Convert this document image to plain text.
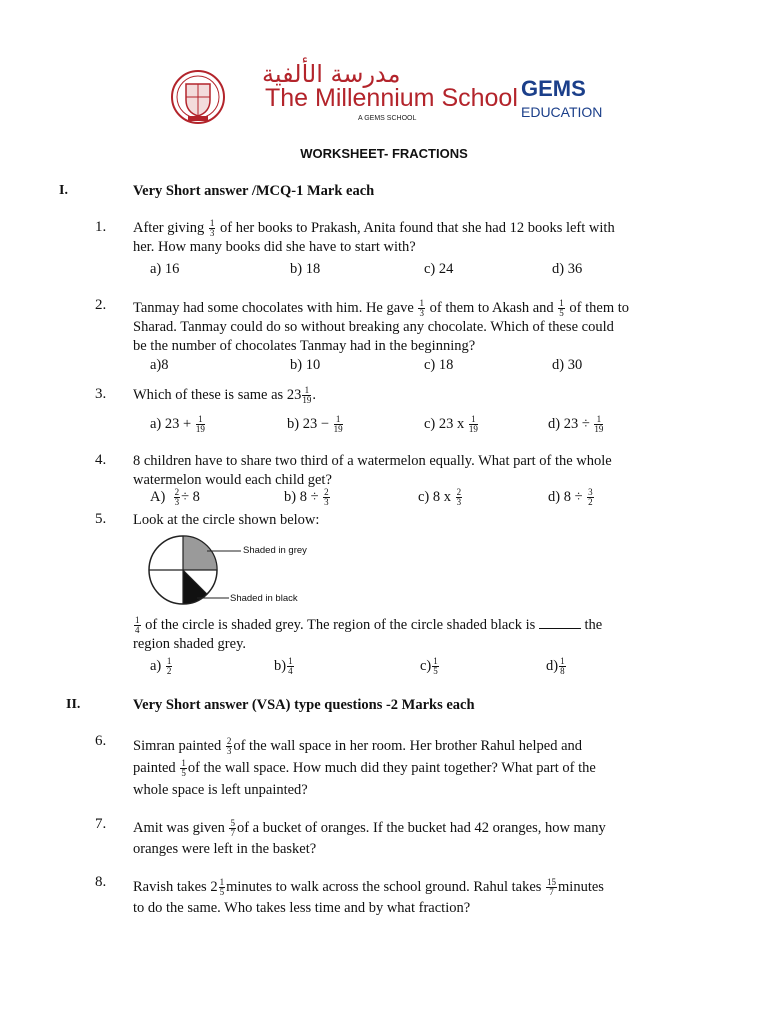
مدرسة الألفية
The Millennium School
A GEMS SCHOOL
GEMS
EDUCATION
WORKSHEET- FRACTIONS
I.	Very Short answer /MCQ-1 Mark each
1. After giving $\frac{1}{3}$ of her books to Prakash, Anita found that she had 12 books left with
her. How many books did she have to start with?
a) 16	b) 18	c) 24	d) 36
2. Tanmay had some chocolates with him. He gave $\frac{1}{3}$ of them to Akash and $\frac{1}{5}$ of them to
Sharad. Tanmay could do so without breaking any chocolate. Which of these could
be the number of chocolates Tanmay had in the beginning?
a)8	b) 10	c) 18	d) 30
3. Which of these is same as $23 \frac{1}{19}$ .
a) $23 + \frac{1}{19}$	b) $23 - \frac{1}{19}$	c) 23 x $\frac{1}{19}$	d) $23 \div \frac{1}{19}$
4. 8 children have to share two third of a watermelon equally. What part of the whole
watermelon would each child get?
$A) \frac{2}{3} \div 8$	b) $8 \div \frac{2}{3}$	c) 8 x $\frac{2}{3}$	d) $8 \div \frac{3}{2}$
5. Look at the circle shown below:
Shaded in grey
Shaded in black
$\frac{1}{4}$ of the circle is shaded grey. The region of the circle shaded black is	the
region shaded grey.
$a) \frac{1}{2}$	$b) \frac{1}{4}$	$c) \frac{1}{5}$	$d) \frac{1}{8}$
II.	Very Short answer (VSA) type questions -2 Marks each
6. Simran painted $\frac{2}{3}$ of the wall space in her room. Her brother Rahul helped and
painted $\frac{1}{5}$ of the wall space. How much did they paint together? What part of the
whole space is left unpainted?
7. Amit was given $\frac{5}{7}$ of a bucket of oranges. If the bucket had 42 oranges, how many
oranges were left in the basket?
8. Ravish takes $2 \frac{1}{5}$ minutes to walk across the school ground. Rahul takes $\frac{15}{7}$ minutes
to do the same. Who takes less time and by what fraction?
